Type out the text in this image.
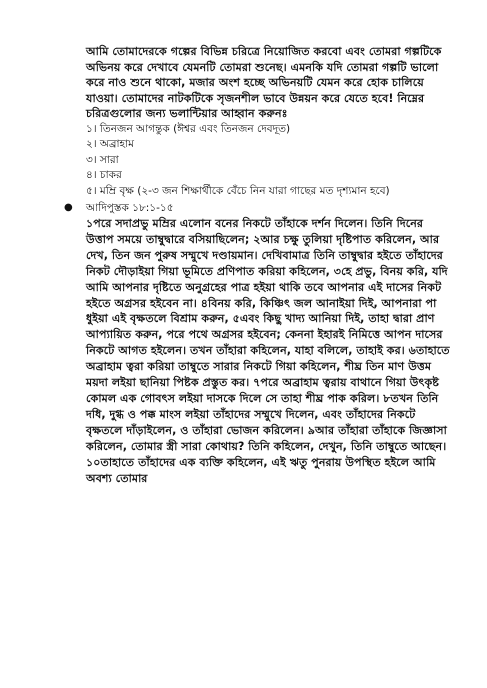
আমি তোমাদেরকে গল্পের বিভিন্ন চরিত্রে নিয়োজিত করবো এবং তোমরা গল্পটিকে অভিনয় করে দেখাবে যেমনটি তোমরা শুনেছ। এমনকি যদি তোমরা গল্পটি ভালো করে নাও শুনে থাকো, মজার অংশ হচ্ছে অভিনয়টি যেমন করে হোক চালিয়ে যাওয়া। তোমাদের নাটকটিকে সৃজনশীল ভাবে উন্নয়ন করে যেতে হবে! নিম্নের চরিত্রগুলোর জন্য ভলান্টিয়ার আহ্বান করুনঃ

১। তিনজন আগন্তুক (ঈশ্বর এবং তিনজন দেবদূত)
২। অব্রাহাম
৩। সারা
৪। চাকর
৫। মম্রি বৃক্ষ (২-৩ জন শিক্ষার্থীকে বেঁচে নিন যারা গাছের মত দৃশ্যমান হবে)
● আদিপুস্তক ১৮:১-১৫

১পরে সদাপ্রভু মম্রির এলোন বনের নিকটে তাঁহাকে দর্শন দিলেন। তিনি দিনের উত্তাপ সময়ে তাম্বুদ্বারে বসিয়াছিলেন; ২আর চক্ষু তুলিয়া দৃষ্টিপাত করিলেন, আর দেখ, তিন জন পুরুষ সম্মুখে দণ্ডায়মান। দেখিবামাত্র তিনি তাম্বুদ্বার হইতে তাঁহাদের নিকট দৌড়াইয়া গিয়া ভূমিতে প্রণিপাত করিয়া কহিলেন, ৩হে প্রভু, বিনয় করি, যদি আমি আপনার দৃষ্টিতে অনুগ্রহের পাত্র হইয়া থাকি তবে আপনার এই দাসের নিকট হইতে অগ্রসর হইবেন না। ৪বিনয় করি, কিঞ্চিৎ জল আনাইয়া দিই, আপনারা পা ধুইয়া এই বৃক্ষতলে বিশ্রাম করুন, ৫এবং কিছু খাদ্য আনিয়া দিই, তাহা দ্বারা প্রাণ আপ্যায়িত করুন, পরে পথে অগ্রসর হইবেন; কেননা ইহারই নিমিত্তে আপন দাসের নিকটে আগত হইলেন। তখন তাঁহারা কহিলেন, যাহা বলিলে, তাহাই কর। ৬তাহাতে অব্রাহাম ত্বরা করিয়া তাম্বুতে সারার নিকটে গিয়া কহিলেন, শীঘ্র তিন মাণ উত্তম ময়দা লইয়া ছানিয়া পিষ্টক প্রস্তুত কর। ৭পরে অব্রাহাম ত্বরায় বাথানে গিয়া উৎকৃষ্ট কোমল এক গোবৎস লইয়া দাসকে দিলে সে তাহা শীঘ্র পাক করিল। ৮তখন তিনি দধি, দুগ্ধ ও পক্ক মাংস লইয়া তাঁহাদের সম্মুখে দিলেন, এবং তাঁহাদের নিকটে বৃক্ষতলে দাঁড়াইলেন, ও তাঁহারা ভোজন করিলেন। ৯আর তাঁহারা তাঁহাকে জিজ্ঞাসা করিলেন, তোমার স্ত্রী সারা কোথায়? তিনি কহিলেন, দেখুন, তিনি তাম্বুতে আছেন। ১০তাহাতে তাঁহাদের এক ব্যক্তি কহিলেন, এই ঋতু পুনরায় উপস্থিত হইলে আমি অবশ্য তোমার
